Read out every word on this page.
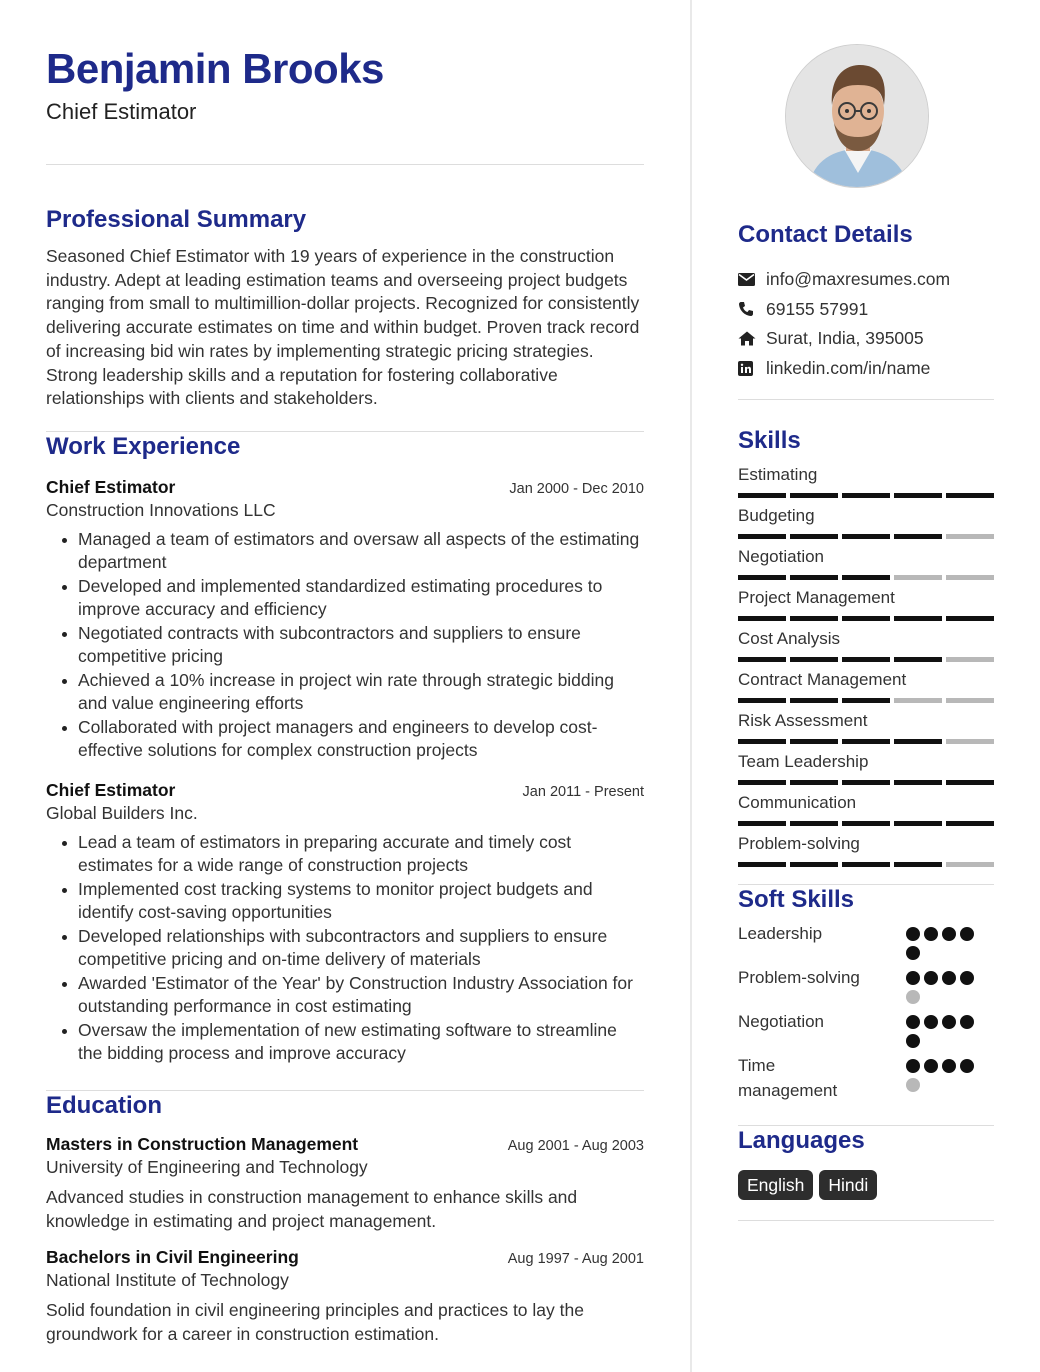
Benjamin Brooks
Chief Estimator
Professional Summary

Seasoned Chief Estimator with 19 years of experience in the construction industry. Adept at leading estimation teams and overseeing project budgets ranging from small to multimillion-dollar projects. Recognized for consistently delivering accurate estimates on time and within budget. Proven track record of increasing bid win rates by implementing strategic pricing strategies. Strong leadership skills and a reputation for fostering collaborative relationships with clients and stakeholders.

Work Experience
Chief Estimator	Jan 2000 - Dec 2010
Construction Innovations LLC
Managed a team of estimators and oversaw all aspects of the estimating department
Developed and implemented standardized estimating procedures to improve accuracy and efficiency
Negotiated contracts with subcontractors and suppliers to ensure competitive pricing
Achieved a 10% increase in project win rate through strategic bidding and value engineering efforts
Collaborated with project managers and engineers to develop cost-effective solutions for complex construction projects
Chief Estimator	Jan 2011 - Present
Global Builders Inc.
Lead a team of estimators in preparing accurate and timely cost estimates for a wide range of construction projects
Implemented cost tracking systems to monitor project budgets and identify cost-saving opportunities
Developed relationships with subcontractors and suppliers to ensure competitive pricing and on-time delivery of materials
Awarded 'Estimator of the Year' by Construction Industry Association for outstanding performance in cost estimating
Oversaw the implementation of new estimating software to streamline the bidding process and improve accuracy
Education
Masters in Construction Management	Aug 2001 - Aug 2003
University of Engineering and Technology
Advanced studies in construction management to enhance skills and knowledge in estimating and project management.
Bachelors in Civil Engineering	Aug 1997 - Aug 2001
National Institute of Technology
Solid foundation in civil engineering principles and practices to lay the groundwork for a career in construction estimation.
Contact Details
info@maxresumes.com
69155 57991
Surat, India, 395005
linkedin.com/in/name
Skills
Estimating
Budgeting
Negotiation
Project Management
Cost Analysis
Contract Management
Risk Assessment
Team Leadership
Communication
Problem-solving
Soft Skills
Leadership
Problem-solving
Negotiation
Time management
Languages
English	Hindi
